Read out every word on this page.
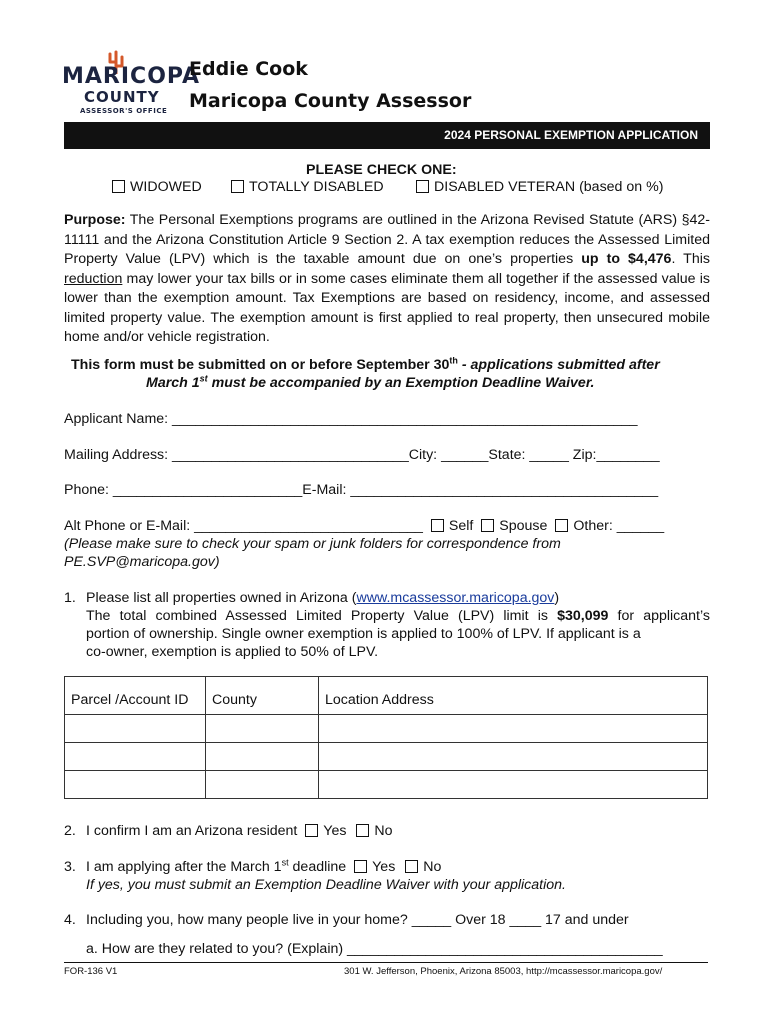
MARICOPA
COUNTY
ASSESSOR'S OFFICE
Eddie Cook
Maricopa County Assessor
2024 PERSONAL EXEMPTION APPLICATION
PLEASE CHECK ONE:
WIDOWED	TOTALLY DISABLED	DISABLED VETERAN (based on %)
Purpose: The Personal Exemptions programs are outlined in the Arizona Revised Statute (ARS) §42-11111 and the Arizona Constitution Article 9 Section 2. A tax exemption reduces the Assessed Limited Property Value (LPV) which is the taxable amount due on one’s properties up to $4,476. This reduction may lower your tax bills or in some cases eliminate them all together if the assessed value is lower than the exemption amount. Tax Exemptions are based on residency, income, and assessed limited property value. The exemption amount is first applied to real property, then unsecured mobile home and/or vehicle registration.
This form must be submitted on or before September 30th - applications submitted after
March 1st must be accompanied by an Exemption Deadline Waiver.
Applicant Name: ___________________________________________________________
Mailing Address: ______________________________City: ______State: _____ Zip:________
Phone: ________________________E-Mail: _______________________________________
Alt Phone or E-Mail: _____________________________ Self Spouse Other: ______
(Please make sure to check your spam or junk folders for correspondence from
PE.SVP@maricopa.gov)
1. Please list all properties owned in Arizona (www.mcassessor.maricopa.gov)
The total combined Assessed Limited Property Value (LPV) limit is $30,099 for applicant’s
portion of ownership. Single owner exemption is applied to 100% of LPV. If applicant is a
co-owner, exemption is applied to 50% of LPV.
Parcel /Account ID	County	Location Address

2. I confirm I am an Arizona resident Yes No
3. I am applying after the March 1st deadline Yes No
If yes, you must submit an Exemption Deadline Waiver with your application.
4. Including you, how many people live in your home? _____ Over 18 ____ 17 and under
a. How are they related to you? (Explain) ________________________________________
FOR-136 V1	301 W. Jefferson, Phoenix, Arizona 85003, http://mcassessor.maricopa.gov/
